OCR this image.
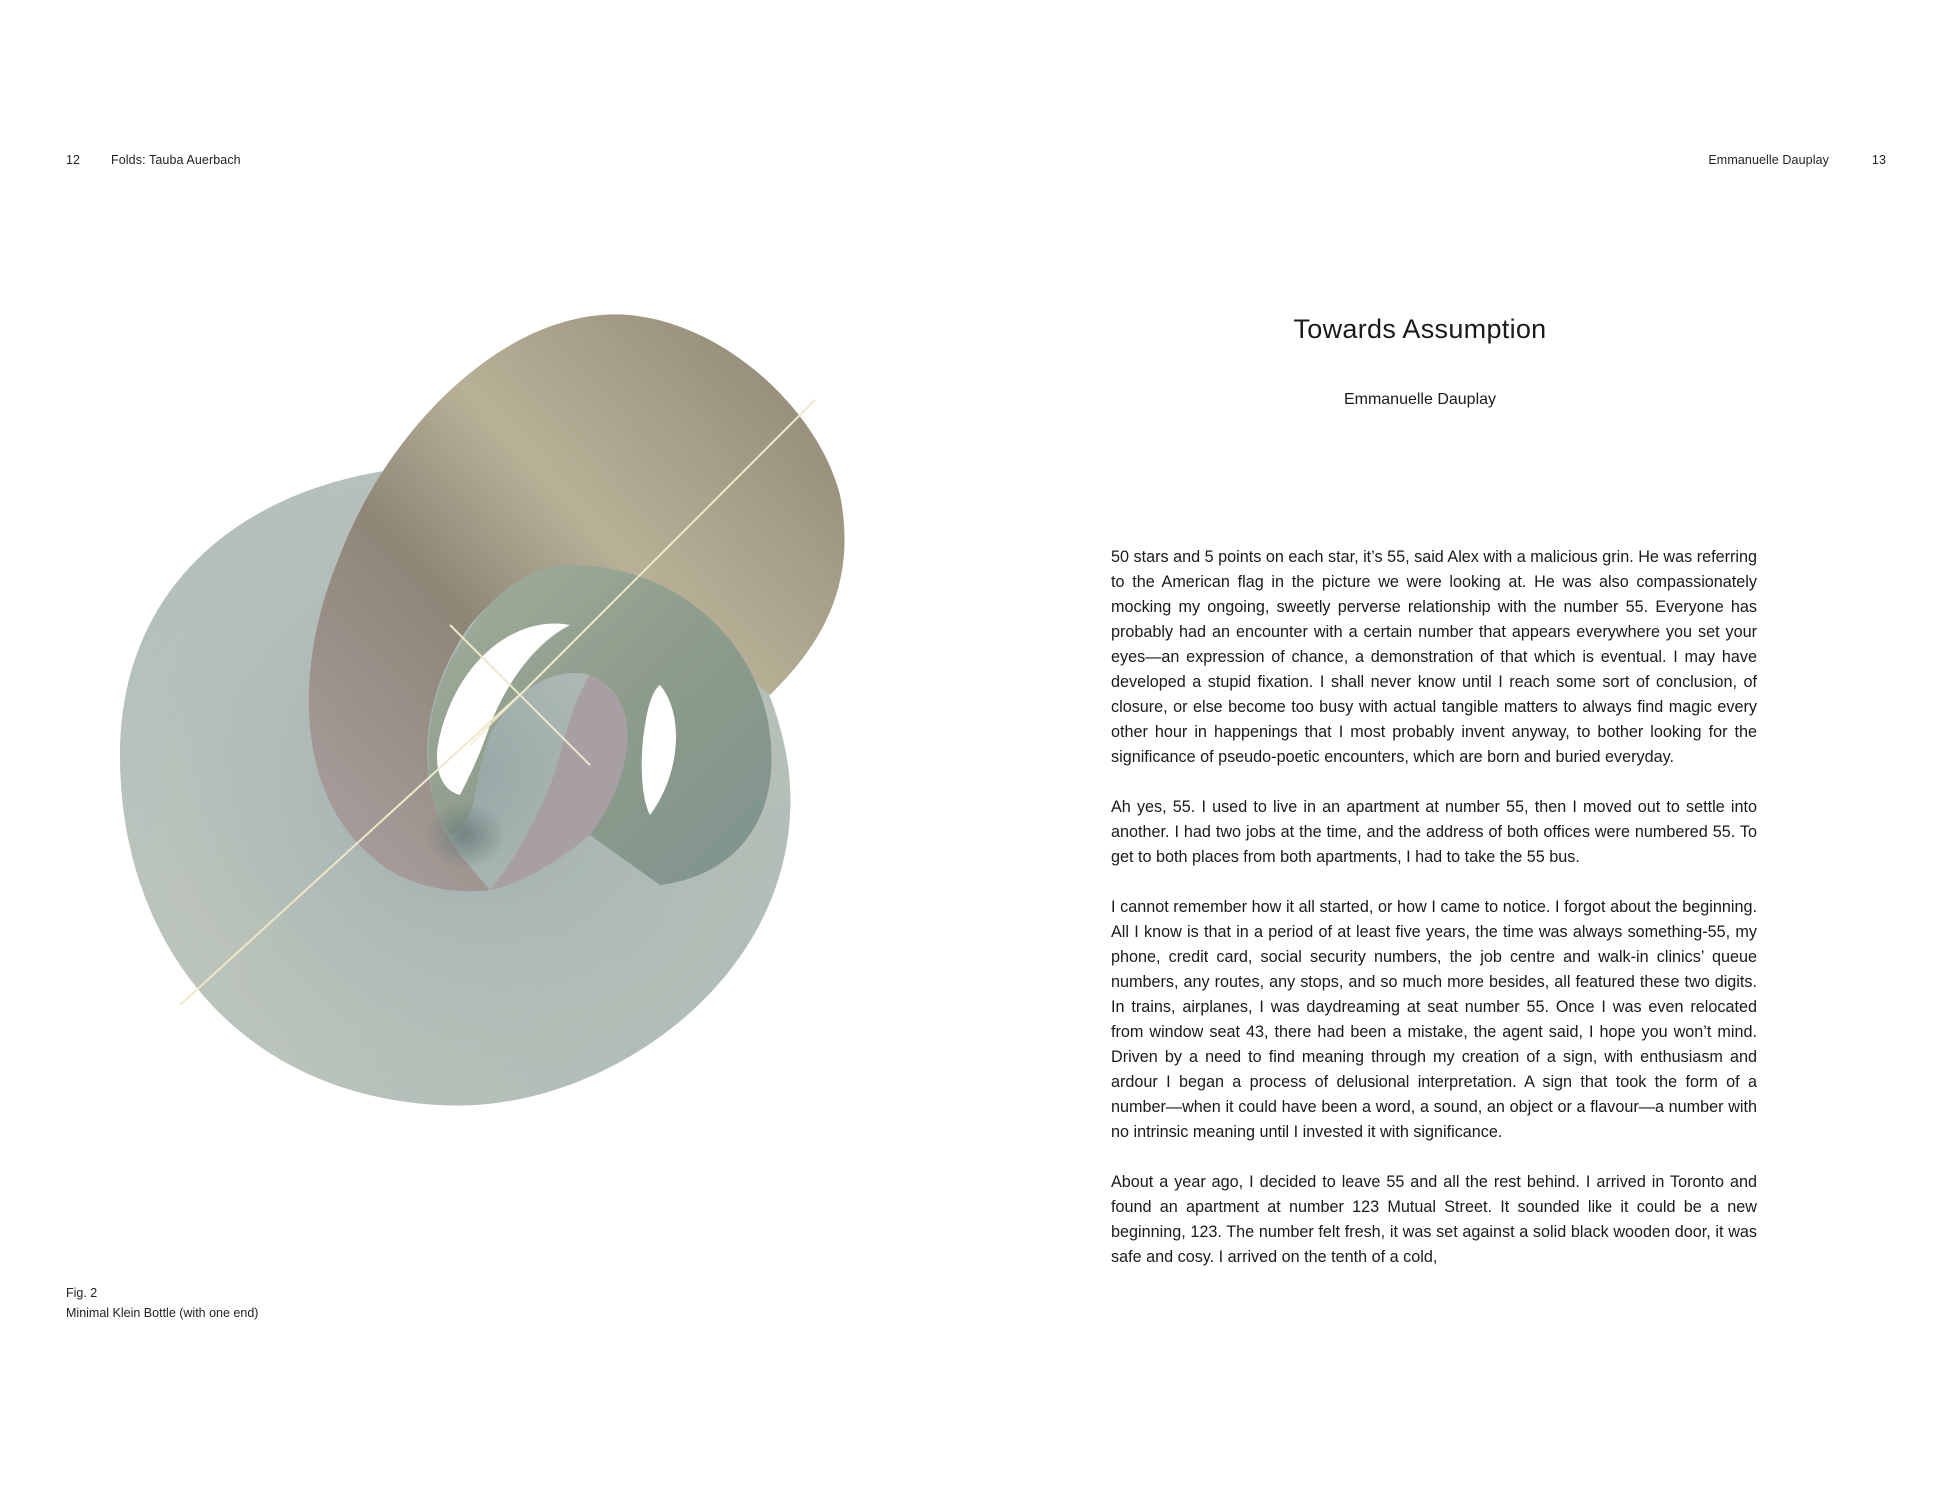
12 Folds: Tauba Auerbach
Fig. 2
Minimal Klein Bottle (with one end)
Emmanuelle Dauplay	13
Towards Assumption
Emmanuelle Dauplay

50 stars and 5 points on each star, it’s 55, said Alex with a malicious grin. He was referring to the American flag in the picture we were looking at. He was also compassionately mocking my ongoing, sweetly perverse relationship with the number 55. Everyone has probably had an encounter with a certain number that appears everywhere you set your eyes—an expression of chance, a demonstration of that which is eventual. I may have developed a stupid fixation. I shall never know until I reach some sort of conclusion, of closure, or else become too busy with actual tangible matters to always find magic every other hour in happenings that I most probably invent anyway, to bother looking for the significance of pseudo-poetic encounters, which are born and buried everyday.

Ah yes, 55. I used to live in an apartment at number 55, then I moved out to settle into another. I had two jobs at the time, and the address of both offices were numbered 55. To get to both places from both apartments, I had to take the 55 bus.

I cannot remember how it all started, or how I came to notice. I forgot about the beginning. All I know is that in a period of at least five years, the time was always something-55, my phone, credit card, social security numbers, the job centre and walk-in clinics’ queue numbers, any routes, any stops, and so much more besides, all featured these two digits. In trains, airplanes, I was daydreaming at seat number 55. Once I was even relocated from window seat 43, there had been a mistake, the agent said, I hope you won’t mind. Driven by a need to find meaning through my creation of a sign, with enthusiasm and ardour I began a process of delusional interpretation. A sign that took the form of a number—when it could have been a word, a sound, an object or a flavour—a number with no intrinsic meaning until I invested it with significance.

About a year ago, I decided to leave 55 and all the rest behind. I arrived in Toronto and found an apartment at number 123 Mutual Street. It sounded like it could be a new beginning, 123. The number felt fresh, it was set against a solid black wooden door, it was safe and cosy. I arrived on the tenth of a cold,
